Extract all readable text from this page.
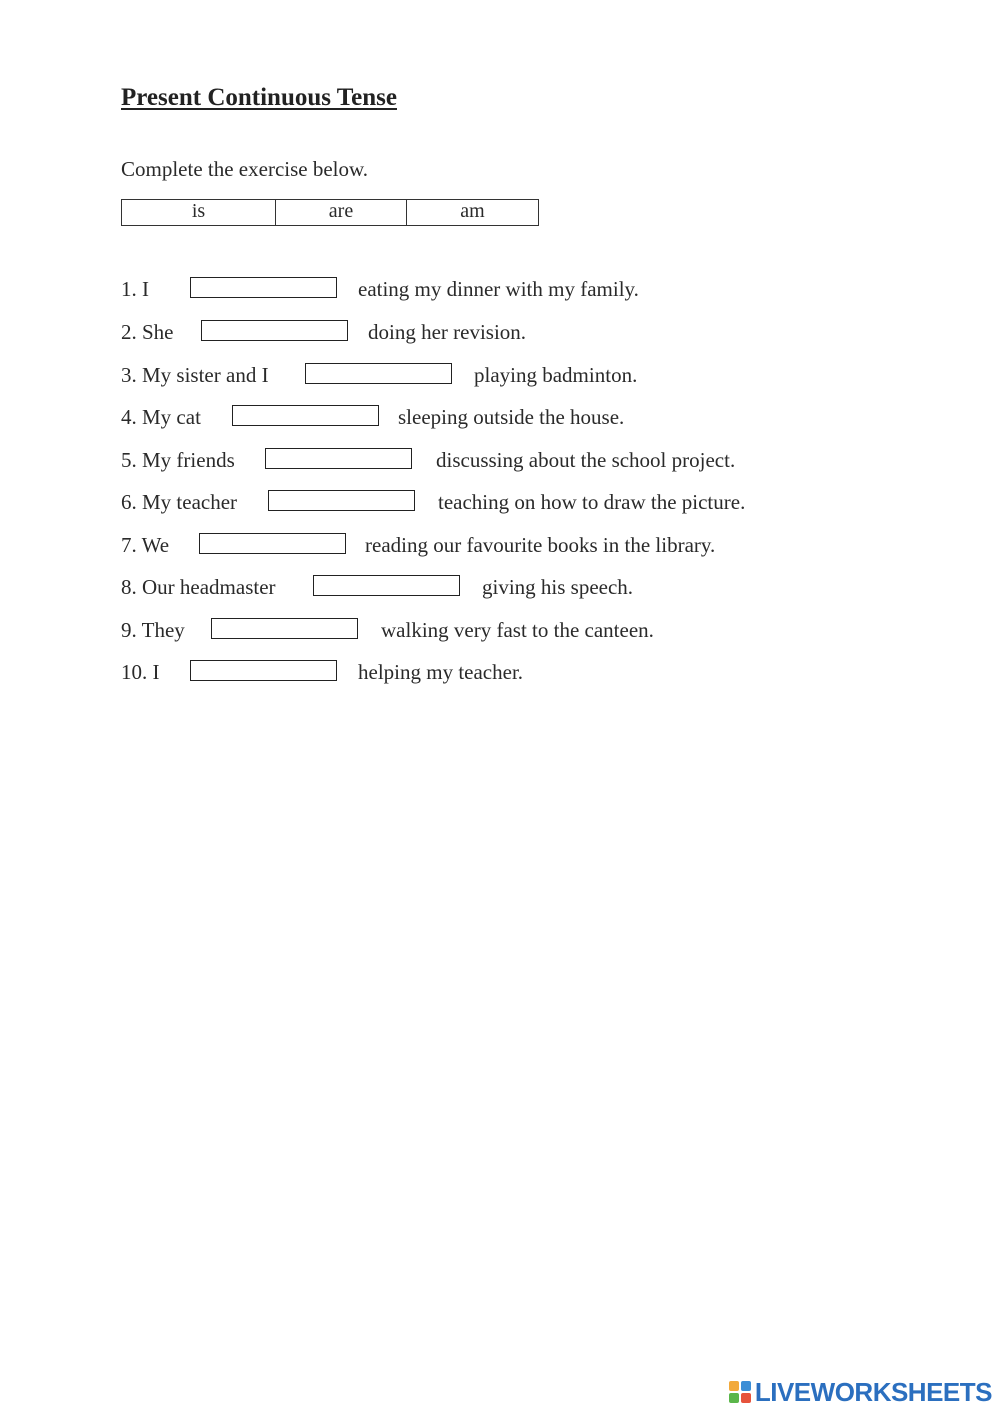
Present Continuous Tense
Complete the exercise below.
is	are	am
1. I	eating my dinner with my family.
2. She	doing her revision.
3. My sister and I	playing badminton.
4. My cat	sleeping outside the house.
5. My friends	discussing about the school project.
6. My teacher	teaching on how to draw the picture.
7. We	reading our favourite books in the library.
8. Our headmaster	giving his speech.
9. They	walking very fast to the canteen.
10. I	helping my teacher.
LIVEWORKSHEETS
